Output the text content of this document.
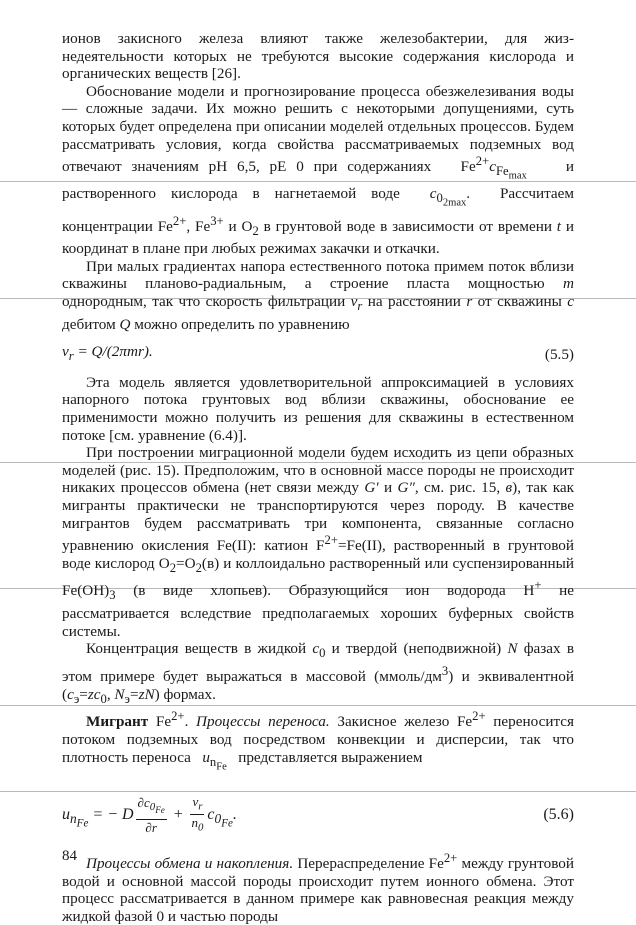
ионов закисного железа влияют также железобактерии, для жизнедеятельности которых не требуются высокие содержания кислорода и органических веществ [26].

Обоснование модели и прогнозирование процесса обезжелезивания воды — сложные задачи. Их можно решить с некоторыми допущениями, суть которых будет определена при описании моделей отдельных процессов. Будем рассматривать условия, когда свойства рассматриваемых подземных вод отвечают значениям pH 6,5, pE 0 при содержаниях   $Fe^{2+}c_{Fe_{max}}$    и растворенного кислорода в нагнетаемой воде  $c_{0_{2max}}$.  Рассчитаем концентрации $Fe^{2+}$, $Fe^{3+}$ и $O_2$ в грунтовой воде в зависимости от времени t и координат в плане при любых режимах закачки и откачки.

При малых градиентах напора естественного потока примем поток вблизи скважины планово-радиальным, а строение пласта мощностью m однородным, так что скорость фильтрации $v_r$ на расстоянии r от скважины c дебитом Q можно определить по уравнению

$v_r = Q/(2\pi mr)$.	(5.5)

Эта модель является удовлетворительной аппроксимацией в условиях напорного потока грунтовых вод вблизи скважины, обоснование ее применимости можно получить из решения для скважины в естественном потоке [см. уравнение (6.4)].

При построении миграционной модели будем исходить из цепи образных моделей (рис. 15). Предположим, что в основной массе породы не происходит никаких процессов обмена (нет связи между G′ и G″, см. рис. 15, в), так как мигранты практически не транспортируются через породу. В качестве мигрантов будем рассматривать три компонента, связанные согласно уравнению окисления Fe(II): катион $F^{2+}=Fe(II)$, растворенный в грунтовой воде кислород $O_2=O_2(в)$ и коллоидально растворенный или суспензированный $Fe(OH)_3$ (в виде хлопьев). Образующийся ион водорода H+ не рассматривается вследствие предполагаемых хороших буферных свойств системы.

Концентрация веществ в жидкой $c_0$ и твердой (неподвижной) N фазах в этом примере будет выражаться в массовой $(ммоль/дм^3)$ и эквивалентной ($c_э=zc_0$, $N_э=zN$) формах.

Мигрант $Fe^{2+}$. Процессы переноса. Закисное железо $Fe^{2+}$ переносится потоком подземных вод посредством конвекции и дисперсии, так что плотность переноса   $u_{n_{Fe}}$   представляется выражением

$u_{n_{Fe}}$ = − D $\frac{\partial c_{0_{Fe}}}{\partial r} + \frac{v_r}{n_0} c_{0_{Fe}}$.	(5.6)

Процессы обмена и накопления. Перераспределение $Fe^{2+}$ между грунтовой водой и основной массой породы происходит путем ионного обмена. Этот процесс рассматривается в данном примере как равновесная реакция между жидкой фазой 0 и частью породы

84
